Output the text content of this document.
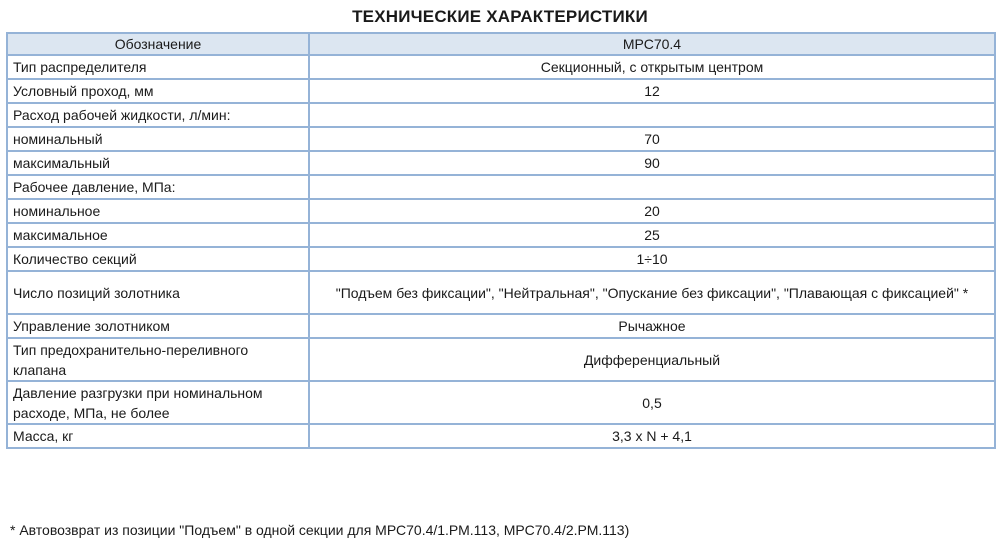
ТЕХНИЧЕСКИЕ ХАРАКТЕРИСТИКИ
Обозначение	МРС70.4
Тип распределителя	Секционный, с открытым центром
Условный проход, мм	12
Расход рабочей жидкости, л/мин:	
номинальный	70
максимальный	90
Рабочее давление, МПа:	
номинальное	20
максимальное	25
Количество секций	1÷10
Число позиций золотника	"Подъем без фиксации", "Нейтральная", "Опускание без фиксации", "Плавающая с фиксацией" *
Управление золотником	Рычажное
Тип предохранительно-переливного клапана	Дифференциальный
Давление разгрузки при номинальном расходе, МПа, не более	0,5
Масса, кг	3,3 x N + 4,1
* Автовозврат из позиции "Подъем" в одной секции для МРС70.4/1.РМ.113, МРС70.4/2.РМ.113)
